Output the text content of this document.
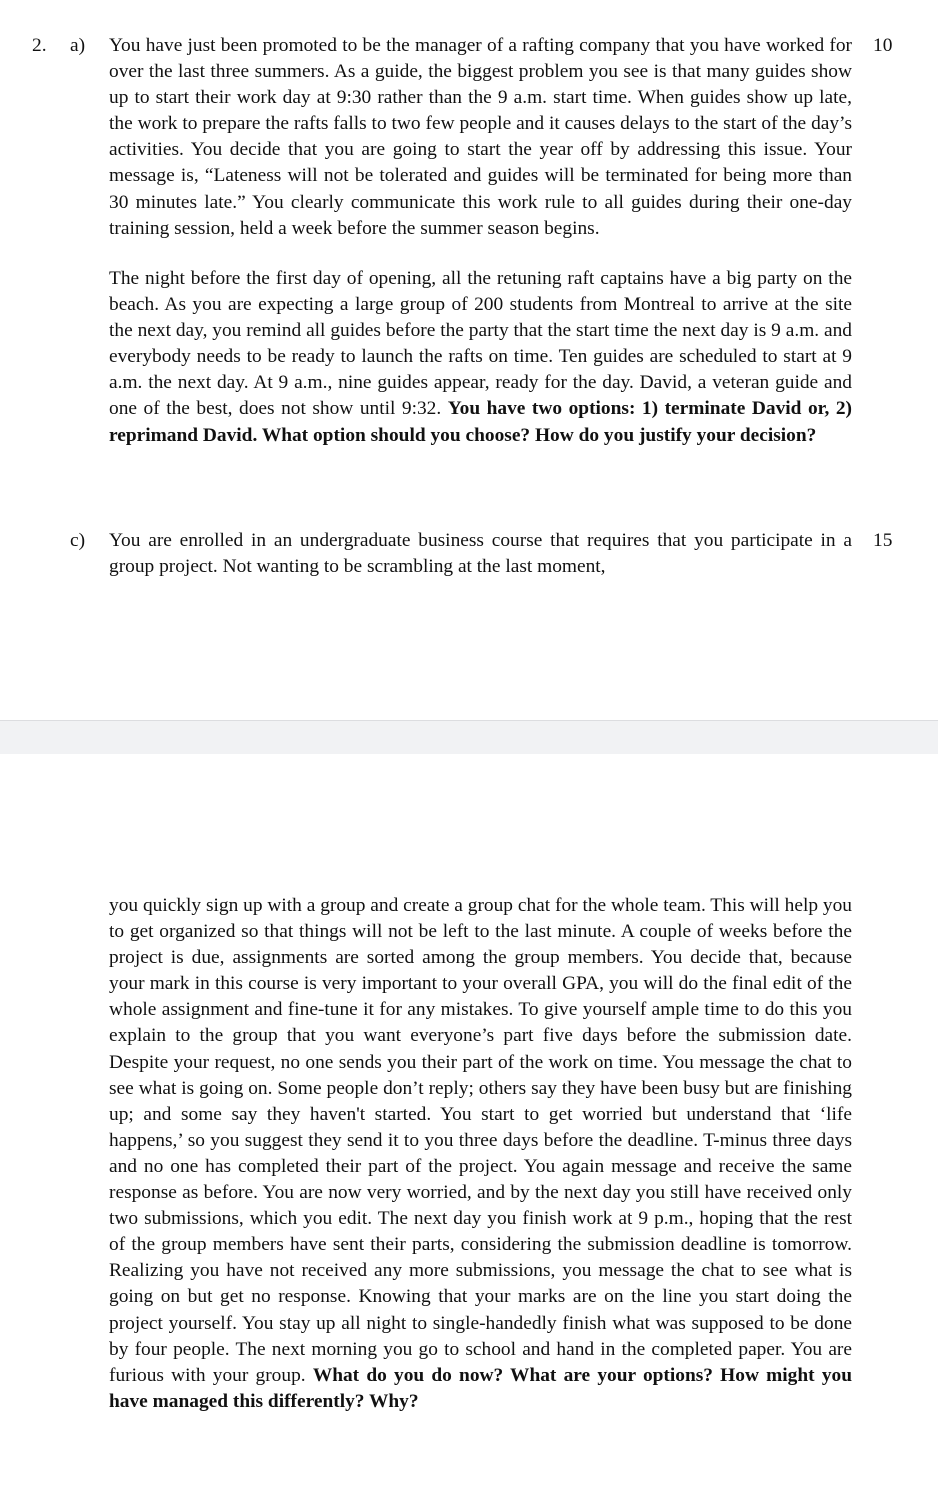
2. a)	10
You have just been promoted to be the manager of a rafting company that you have worked for over the last three summers. As a guide, the biggest problem you see is that many guides show up to start their work day at 9:30 rather than the 9 a.m. start time. When guides show up late, the work to prepare the rafts falls to two few people and it causes delays to the start of the day’s activities. You decide that you are going to start the year off by addressing this issue. Your message is, “Lateness will not be tolerated and guides will be terminated for being more than 30 minutes late.” You clearly communicate this work rule to all guides during their one-day training session, held a week before the summer season begins.
The night before the first day of opening, all the retuning raft captains have a big party on the beach. As you are expecting a large group of 200 students from Montreal to arrive at the site the next day, you remind all guides before the party that the start time the next day is 9 a.m. and everybody needs to be ready to launch the rafts on time. Ten guides are scheduled to start at 9 a.m. the next day. At 9 a.m., nine guides appear, ready for the day. David, a veteran guide and one of the best, does not show until 9:32. You have two options: 1) terminate David or, 2) reprimand David. What option should you choose? How do you justify your decision?
c)	15
You are enrolled in an undergraduate business course that requires that you participate in a group project. Not wanting to be scrambling at the last moment,
you quickly sign up with a group and create a group chat for the whole team. This will help you to get organized so that things will not be left to the last minute. A couple of weeks before the project is due, assignments are sorted among the group members. You decide that, because your mark in this course is very important to your overall GPA, you will do the final edit of the whole assignment and fine-tune it for any mistakes. To give yourself ample time to do this you explain to the group that you want everyone’s part five days before the submission date. Despite your request, no one sends you their part of the work on time. You message the chat to see what is going on. Some people don’t reply; others say they have been busy but are finishing up; and some say they haven't started. You start to get worried but understand that ‘life happens,’ so you suggest they send it to you three days before the deadline. T-minus three days and no one has completed their part of the project. You again message and receive the same response as before. You are now very worried, and by the next day you still have received only two submissions, which you edit. The next day you finish work at 9 p.m., hoping that the rest of the group members have sent their parts, considering the submission deadline is tomorrow. Realizing you have not received any more submissions, you message the chat to see what is going on but get no response. Knowing that your marks are on the line you start doing the project yourself. You stay up all night to single-handedly finish what was supposed to be done by four people. The next morning you go to school and hand in the completed paper. You are furious with your group. What do you do now? What are your options? How might you have managed this differently? Why?
